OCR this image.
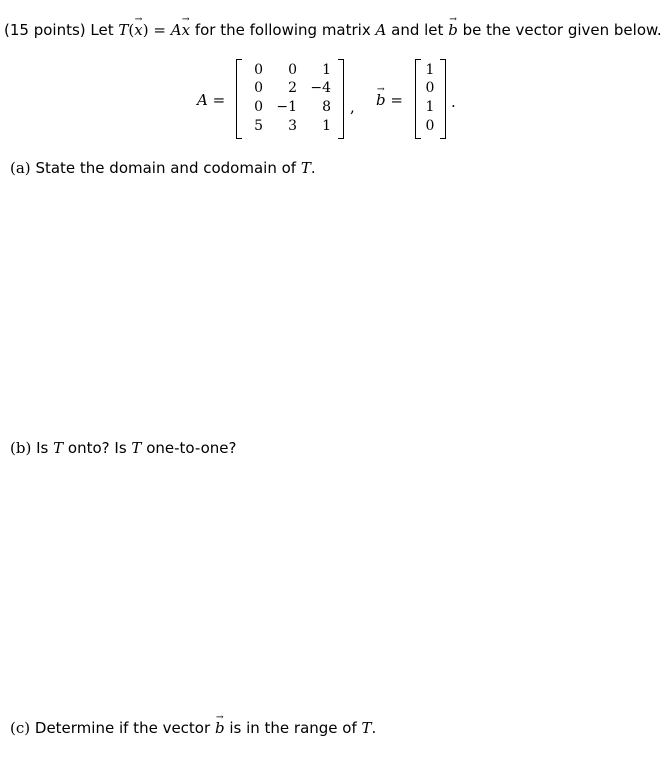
(15 points) Let T(→ x) = A→ x for the following matrix A and let → b be the vector given below.
A =
0	0	1
0	2 −4
0 −1	8
5	3	1
, → b =
1
0
1
0
.
(a) State the domain and codomain of T.
(b) Is T onto? Is T one-to-one?
(c) Determine if the vector → b is in the range of T.
